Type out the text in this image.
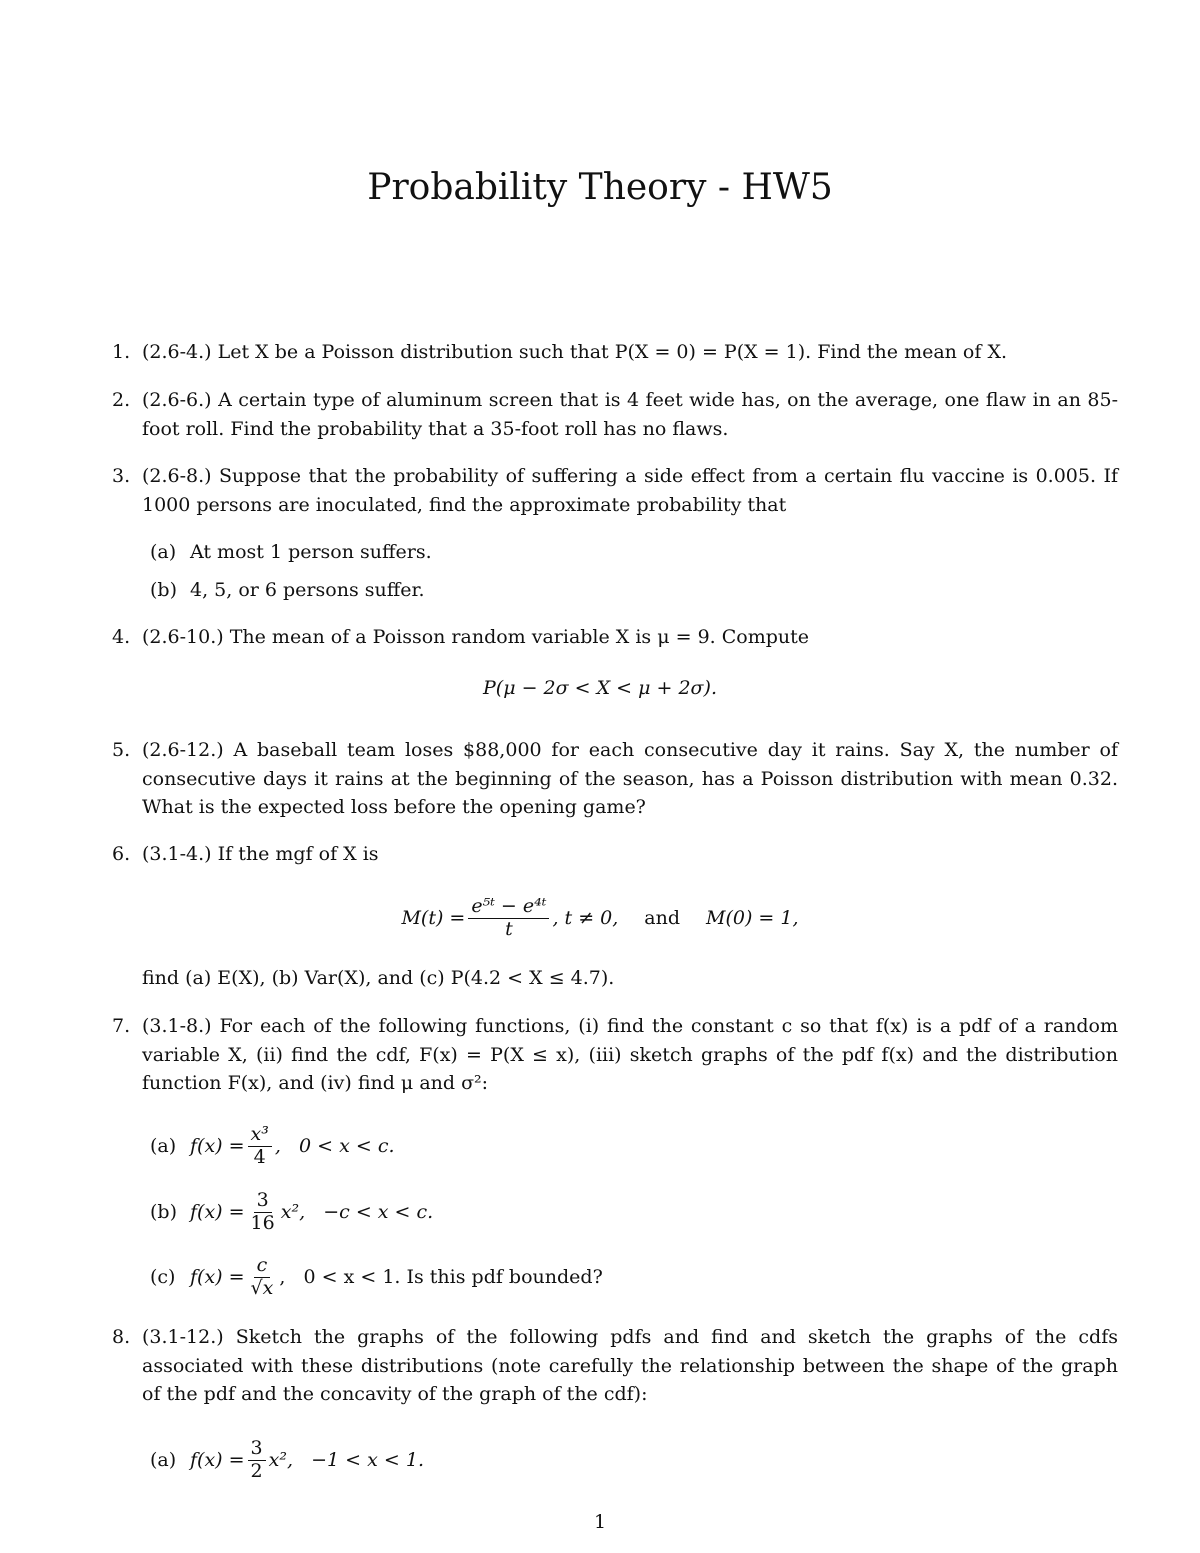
Probability Theory - HW5
1. (2.6-4.) Let X be a Poisson distribution such that P(X = 0) = P(X = 1). Find the mean of X.
2. (2.6-6.) A certain type of aluminum screen that is 4 feet wide has, on the average, one flaw in an 85-foot roll. Find the probability that a 35-foot roll has no flaws.
3. (2.6-8.) Suppose that the probability of suffering a side effect from a certain flu vaccine is 0.005. If 1000 persons are inoculated, find the approximate probability that
(a) At most 1 person suffers.
(b) 4, 5, or 6 persons suffer.
4. (2.6-10.) The mean of a Poisson random variable X is μ = 9. Compute
P(μ − 2σ < X < μ + 2σ).
5. (2.6-12.) A baseball team loses $88,000 for each consecutive day it rains. Say X, the number of consecutive days it rains at the beginning of the season, has a Poisson distribution with mean 0.32. What is the expected loss before the opening game?
6. (3.1-4.) If the mgf of X is
$M(t) = \frac{\text{e⁵ᵗ − e⁴ᵗ}}{t}$ , t ≠ 0, and M(0) = 1,
find (a) E(X), (b) Var(X), and (c) P(4.2 < X ≤ 4.7).
7. (3.1-8.) For each of the following functions, (i) find the constant c so that f(x) is a pdf of a random variable X, (ii) find the cdf, F(x) = P(X ≤ x), (iii) sketch graphs of the pdf f(x) and the distribution function F(x), and (iv) find μ and σ²:
(a) $f(x) = \frac{\text{x³}}{4}$ ,   0 < x < c.
(b) $f(x) = \frac{3}{16} x^2$,   −c < x < c.
(c) $f(x) = \frac{c}{√x}$ ,   0 < x < 1. Is this pdf bounded?
8. (3.1-12.) Sketch the graphs of the following pdfs and find and sketch the graphs of the cdfs associated with these distributions (note carefully the relationship between the shape of the graph of the pdf and the concavity of the graph of the cdf):
(a) $f(x) = \frac{3}{2} x^2$,   −1 < x < 1.
1
